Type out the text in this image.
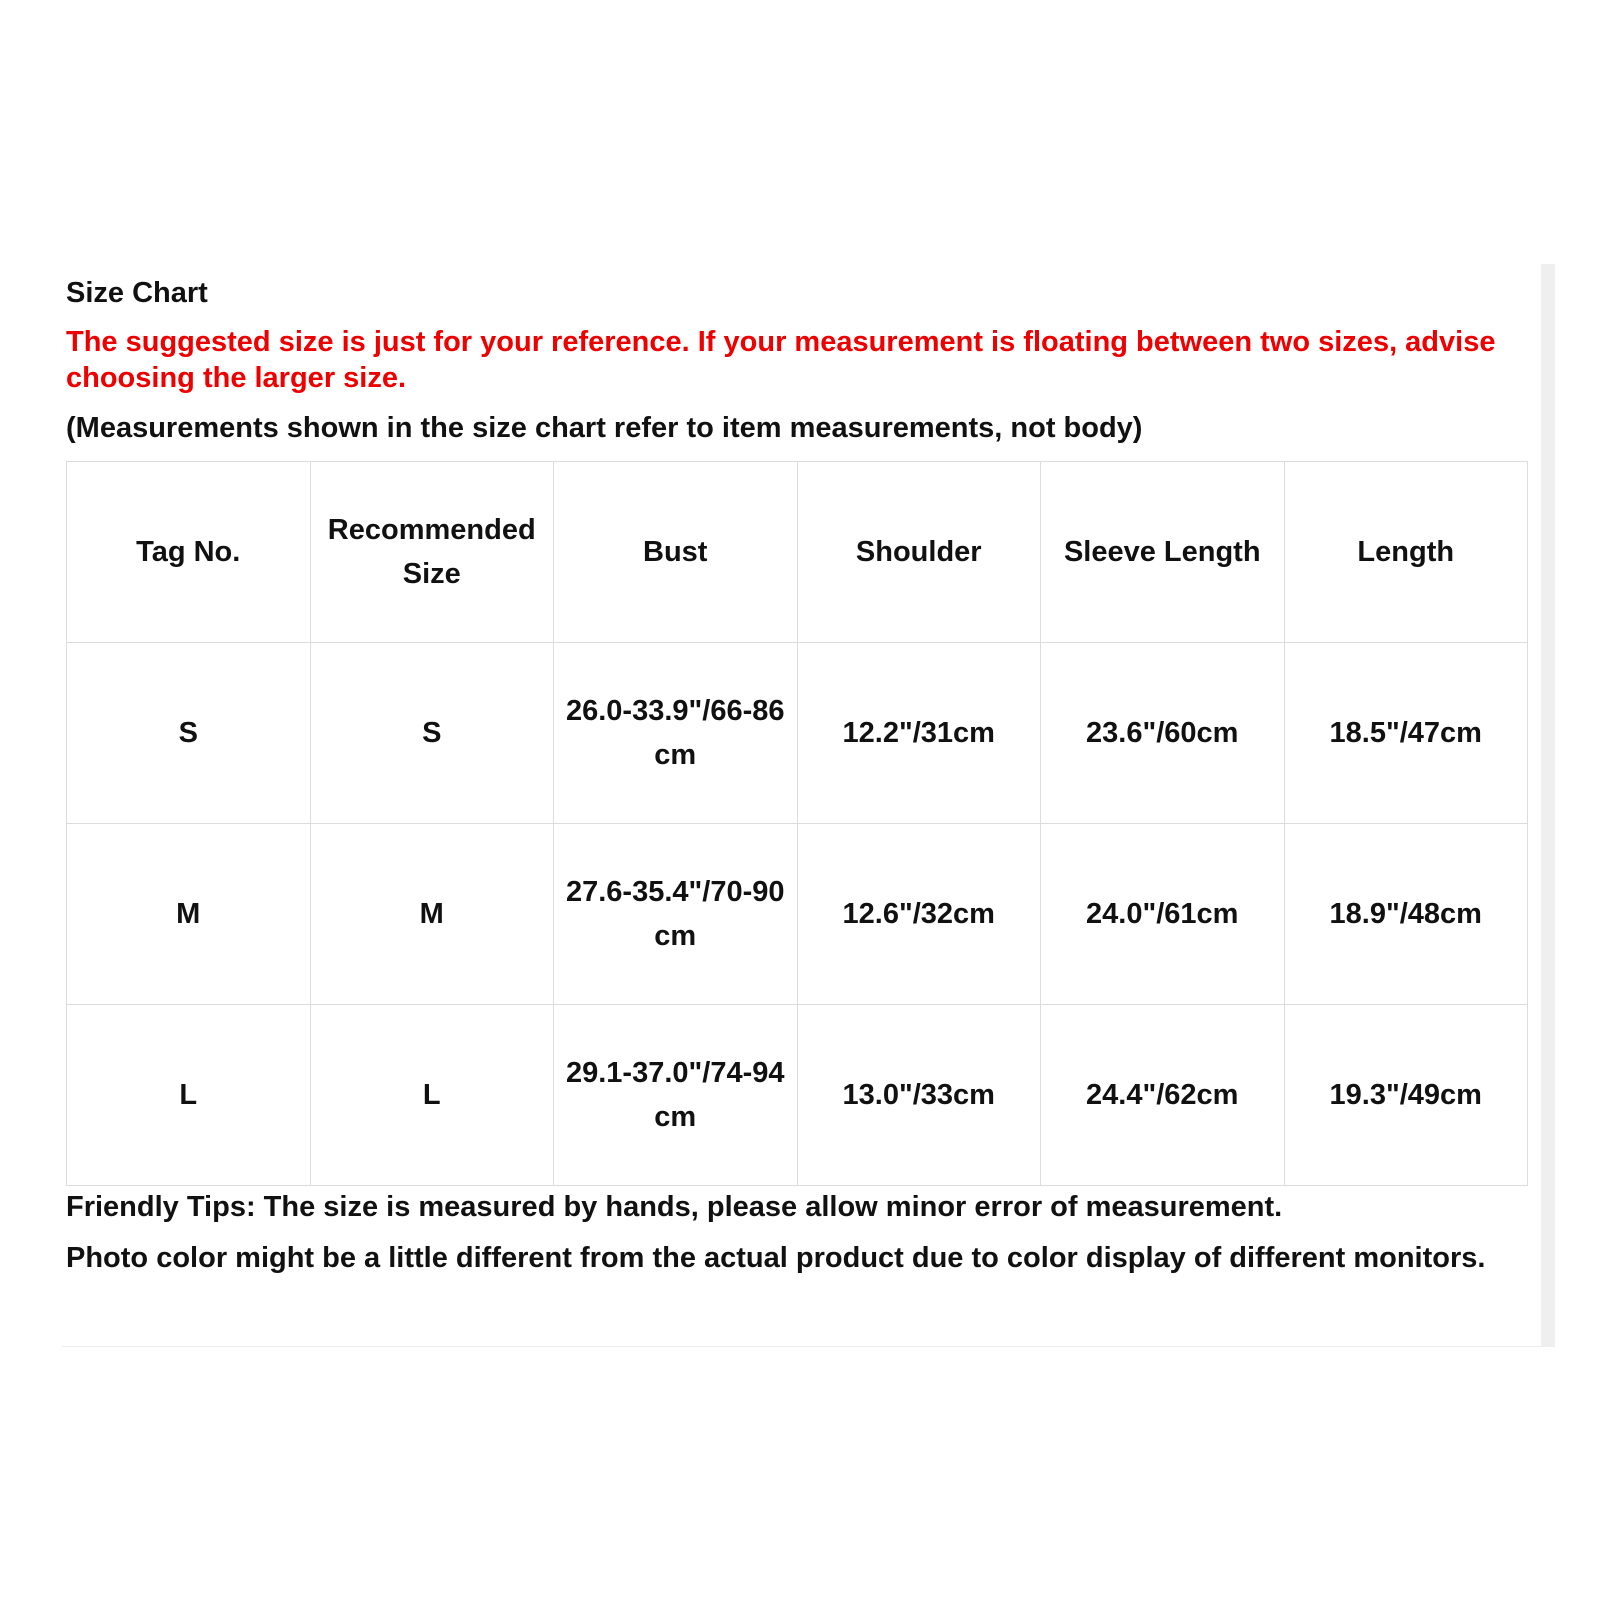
Size Chart
The suggested size is just for your reference. If your measurement is floating between two sizes, advise choosing the larger size.
(Measurements shown in the size chart refer to item measurements, not body)
Tag No.	Recommended Size	Bust	Shoulder	Sleeve Length	Length
S	S	26.0-33.9"/66-86 cm	12.2"/31cm	23.6"/60cm	18.5"/47cm
M	M	27.6-35.4"/70-90 cm	12.6"/32cm	24.0"/61cm	18.9"/48cm
L	L	29.1-37.0"/74-94 cm	13.0"/33cm	24.4"/62cm	19.3"/49cm
Friendly Tips: The size is measured by hands, please allow minor error of measurement.
Photo color might be a little different from the actual product due to color display of different monitors.
